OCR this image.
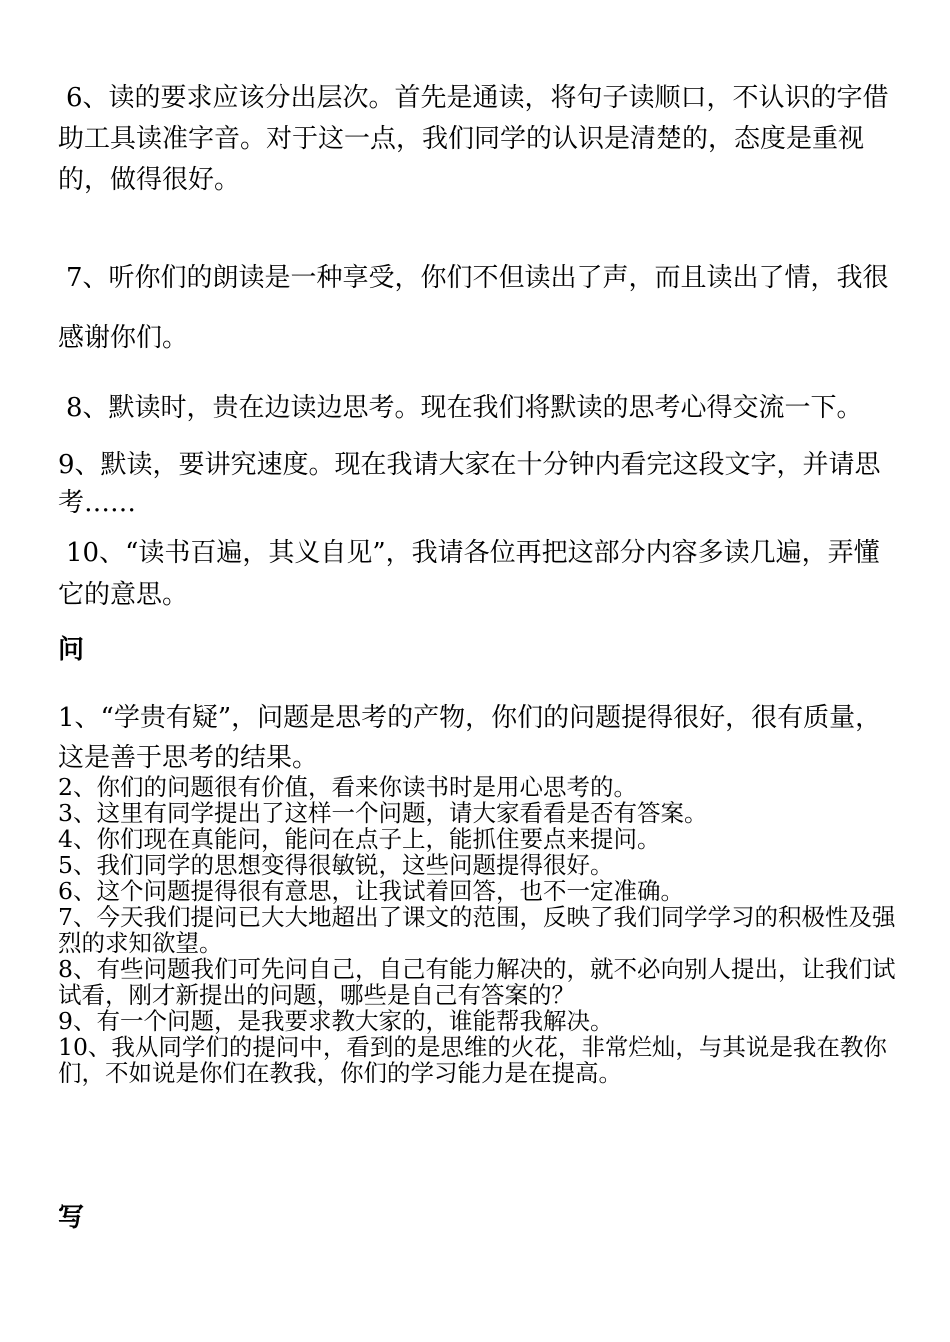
6、读的要求应该分出层次。首先是通读，将句子读顺口，不认识的字借助工具读准字音。对于这一点，我们同学的认识是清楚的，态度是重视的，做得很好。

7、听你们的朗读是一种享受，你们不但读出了声，而且读出了情，我很感谢你们。

8、默读时，贵在边读边思考。现在我们将默读的思考心得交流一下。

9、默读，要讲究速度。现在我请大家在十分钟内看完这段文字，并请思考……

10、“读书百遍，其义自见”，我请各位再把这部分内容多读几遍，弄懂它的意思。

问

1、“学贵有疑”，问题是思考的产物，你们的问题提得很好，很有质量，这是善于思考的结果。

2、你们的问题很有价值，看来你读书时是用心思考的。
3、这里有同学提出了这样一个问题，请大家看看是否有答案。
4、你们现在真能问，能问在点子上，能抓住要点来提问。
5、我们同学的思想变得很敏锐，这些问题提得很好。
6、这个问题提得很有意思，让我试着回答，也不一定准确。
7、今天我们提问已大大地超出了课文的范围，反映了我们同学学习的积极性及强烈的求知欲望。
8、有些问题我们可先问自己，自己有能力解决的，就不必向别人提出，让我们试试看，刚才新提出的问题，哪些是自己有答案的？
9、有一个问题，是我要求教大家的，谁能帮我解决。
10、我从同学们的提问中，看到的是思维的火花，非常烂灿，与其说是我在教你们，不如说是你们在教我，你们的学习能力是在提高。
写
